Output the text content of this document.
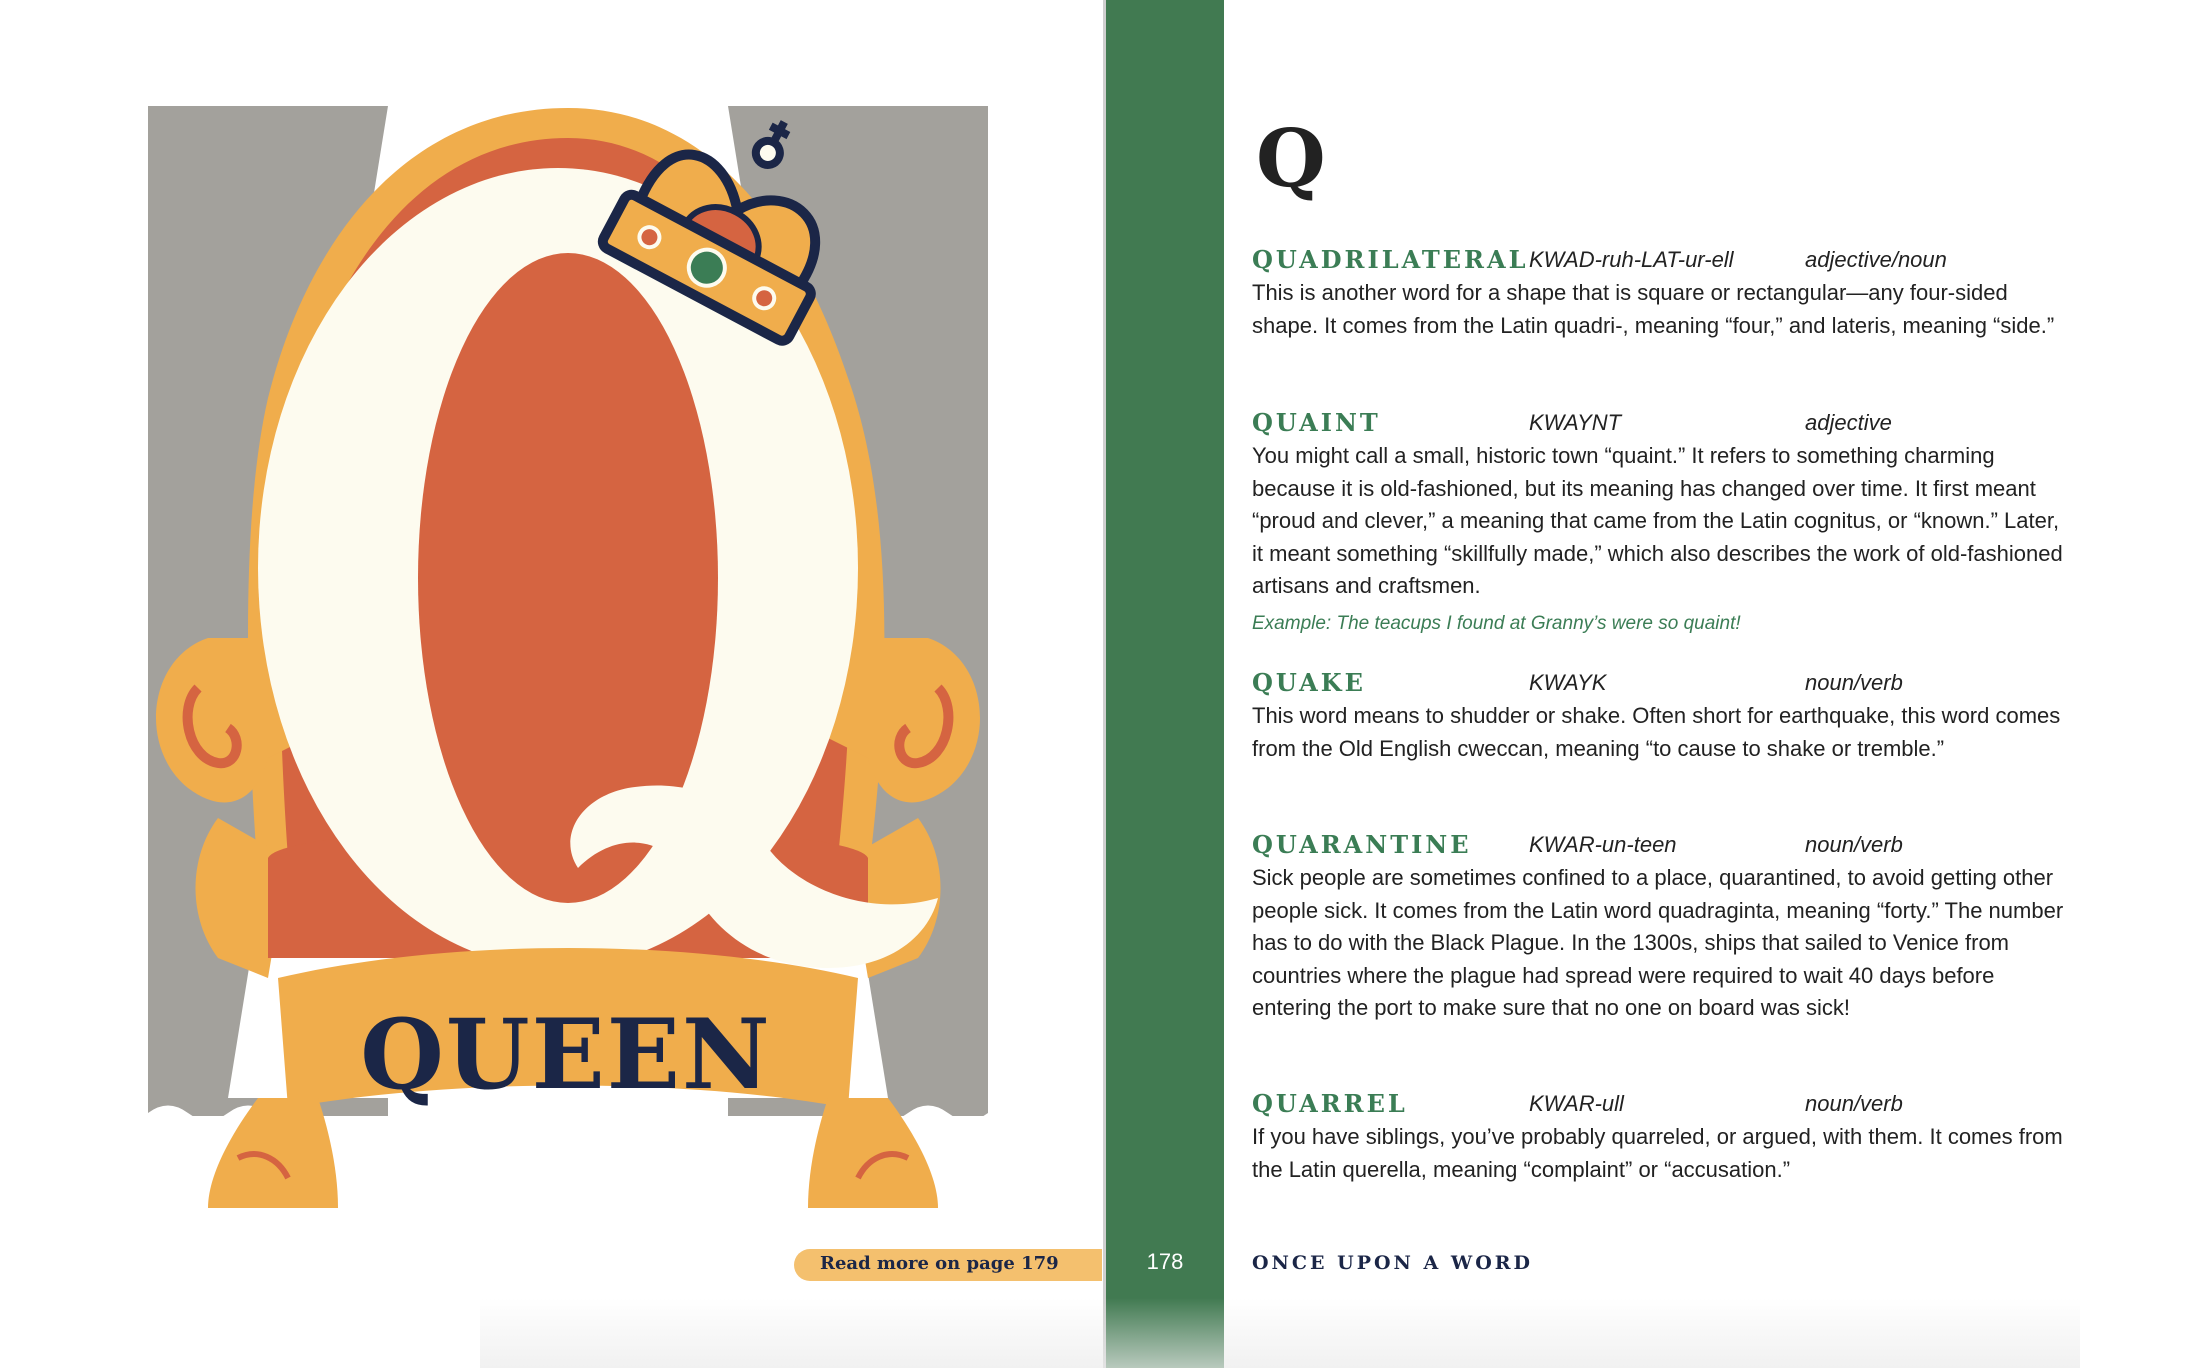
QUEEN
Read more on page 179	178
Q
QUADRILATERAL KWAD-ruh-LAT-ur-ell	adjective/noun

This is another word for a shape that is square or rectangular—any four-sided shape. It comes from the Latin quadri-, meaning “four,” and lateris, meaning “side.”

QUAINT	KWAYNT	adjective

You might call a small, historic town “quaint.” It refers to something charming because it is old-fashioned, but its meaning has changed over time. It first meant “proud and clever,” a meaning that came from the Latin cognitus, or “known.” Later, it meant something “skillfully made,” which also describes the work of old-fashioned artisans and craftsmen.

Example: The teacups I found at Granny’s were so quaint!

QUAKE	KWAYK	noun/verb

This word means to shudder or shake. Often short for earthquake, this word comes from the Old English cweccan, meaning “to cause to shake or tremble.”

QUARANTINE	KWAR-un-teen	noun/verb

Sick people are sometimes confined to a place, quarantined, to avoid getting other people sick. It comes from the Latin word quadraginta, meaning “forty.” The number has to do with the Black Plague. In the 1300s, ships that sailed to Venice from countries where the plague had spread were required to wait 40 days before entering the port to make sure that no one on board was sick!

QUARREL	KWAR-ull	noun/verb

If you have siblings, you’ve probably quarreled, or argued, with them. It comes from the Latin querella, meaning “complaint” or “accusation.”

ONCE UPON A WORD
